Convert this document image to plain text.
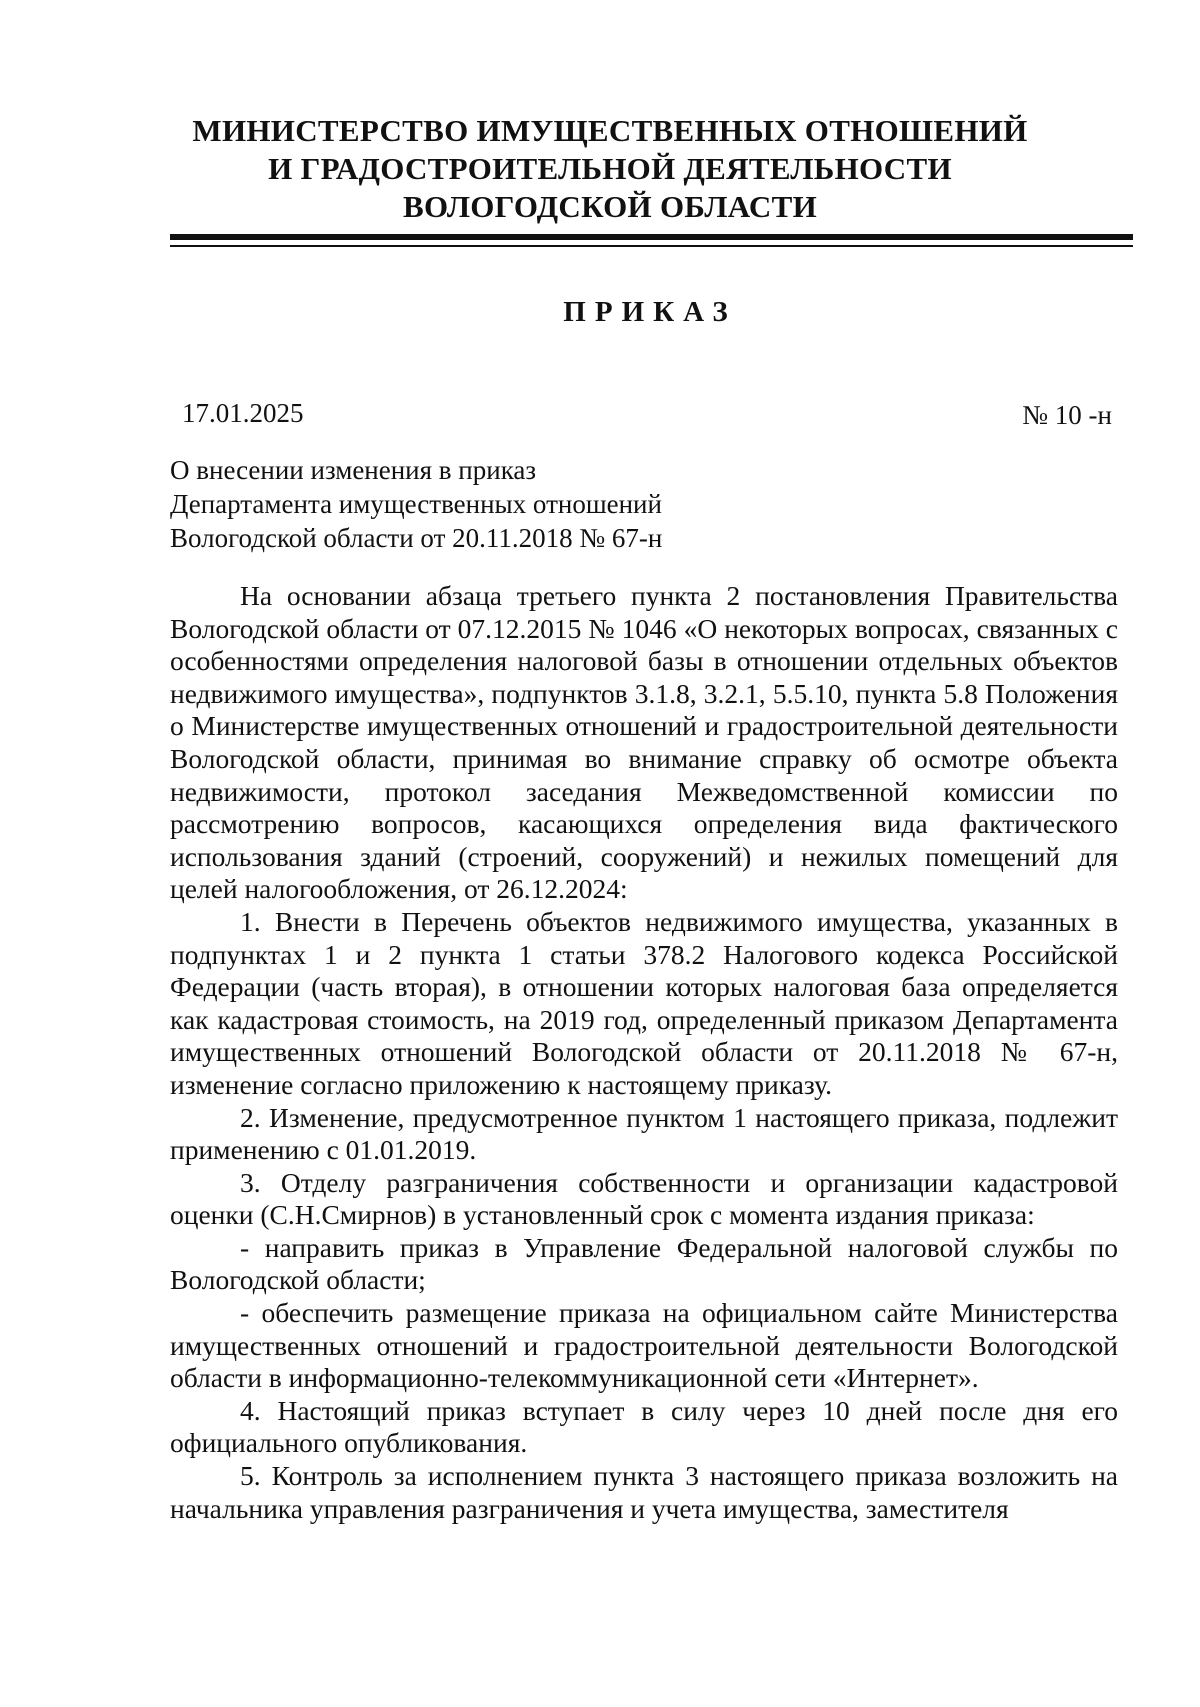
МИНИСТЕРСТВО ИМУЩЕСТВЕННЫХ ОТНОШЕНИЙ
И ГРАДОСТРОИТЕЛЬНОЙ ДЕЯТЕЛЬНОСТИ
ВОЛОГОДСКОЙ ОБЛАСТИ
ПРИКАЗ
17.01.2025	№ 10 -н
О внесении изменения в приказ
Департамента имущественных отношений
Вологодской области от 20.11.2018 № 67-н

На основании абзаца третьего пункта 2 постановления Правительства Вологодской области от 07.12.2015 № 1046 «О некоторых вопросах, связанных с особенностями определения налоговой базы в отношении отдельных объектов недвижимого имущества», подпунктов 3.1.8, 3.2.1, 5.5.10, пункта 5.8 Положения о Министерстве имущественных отношений и градостроительной деятельности Вологодской области, принимая во внимание справку об осмотре объекта недвижимости, протокол заседания Межведомственной комиссии по рассмотрению вопросов, касающихся определения вида фактического использования зданий (строений, сооружений) и нежилых помещений для целей налогообложения, от 26.12.2024:

1. Внести в Перечень объектов недвижимого имущества, указанных в подпунктах 1 и 2 пункта 1 статьи 378.2 Налогового кодекса Российской Федерации (часть вторая), в отношении которых налоговая база определяется как кадастровая стоимость, на 2019 год, определенный приказом Департамента имущественных отношений Вологодской области от 20.11.2018 № 67-н, изменение согласно приложению к настоящему приказу.

2. Изменение, предусмотренное пунктом 1 настоящего приказа, подлежит применению с 01.01.2019.

3. Отделу разграничения собственности и организации кадастровой оценки (С.Н.Смирнов) в установленный срок с момента издания приказа:

- направить приказ в Управление Федеральной налоговой службы по Вологодской области;

- обеспечить размещение приказа на официальном сайте Министерства имущественных отношений и градостроительной деятельности Вологодской области в информационно-телекоммуникационной сети «Интернет».

4. Настоящий приказ вступает в силу через 10 дней после дня его официального опубликования.

5. Контроль за исполнением пункта 3 настоящего приказа возложить на начальника управления разграничения и учета имущества, заместителя
